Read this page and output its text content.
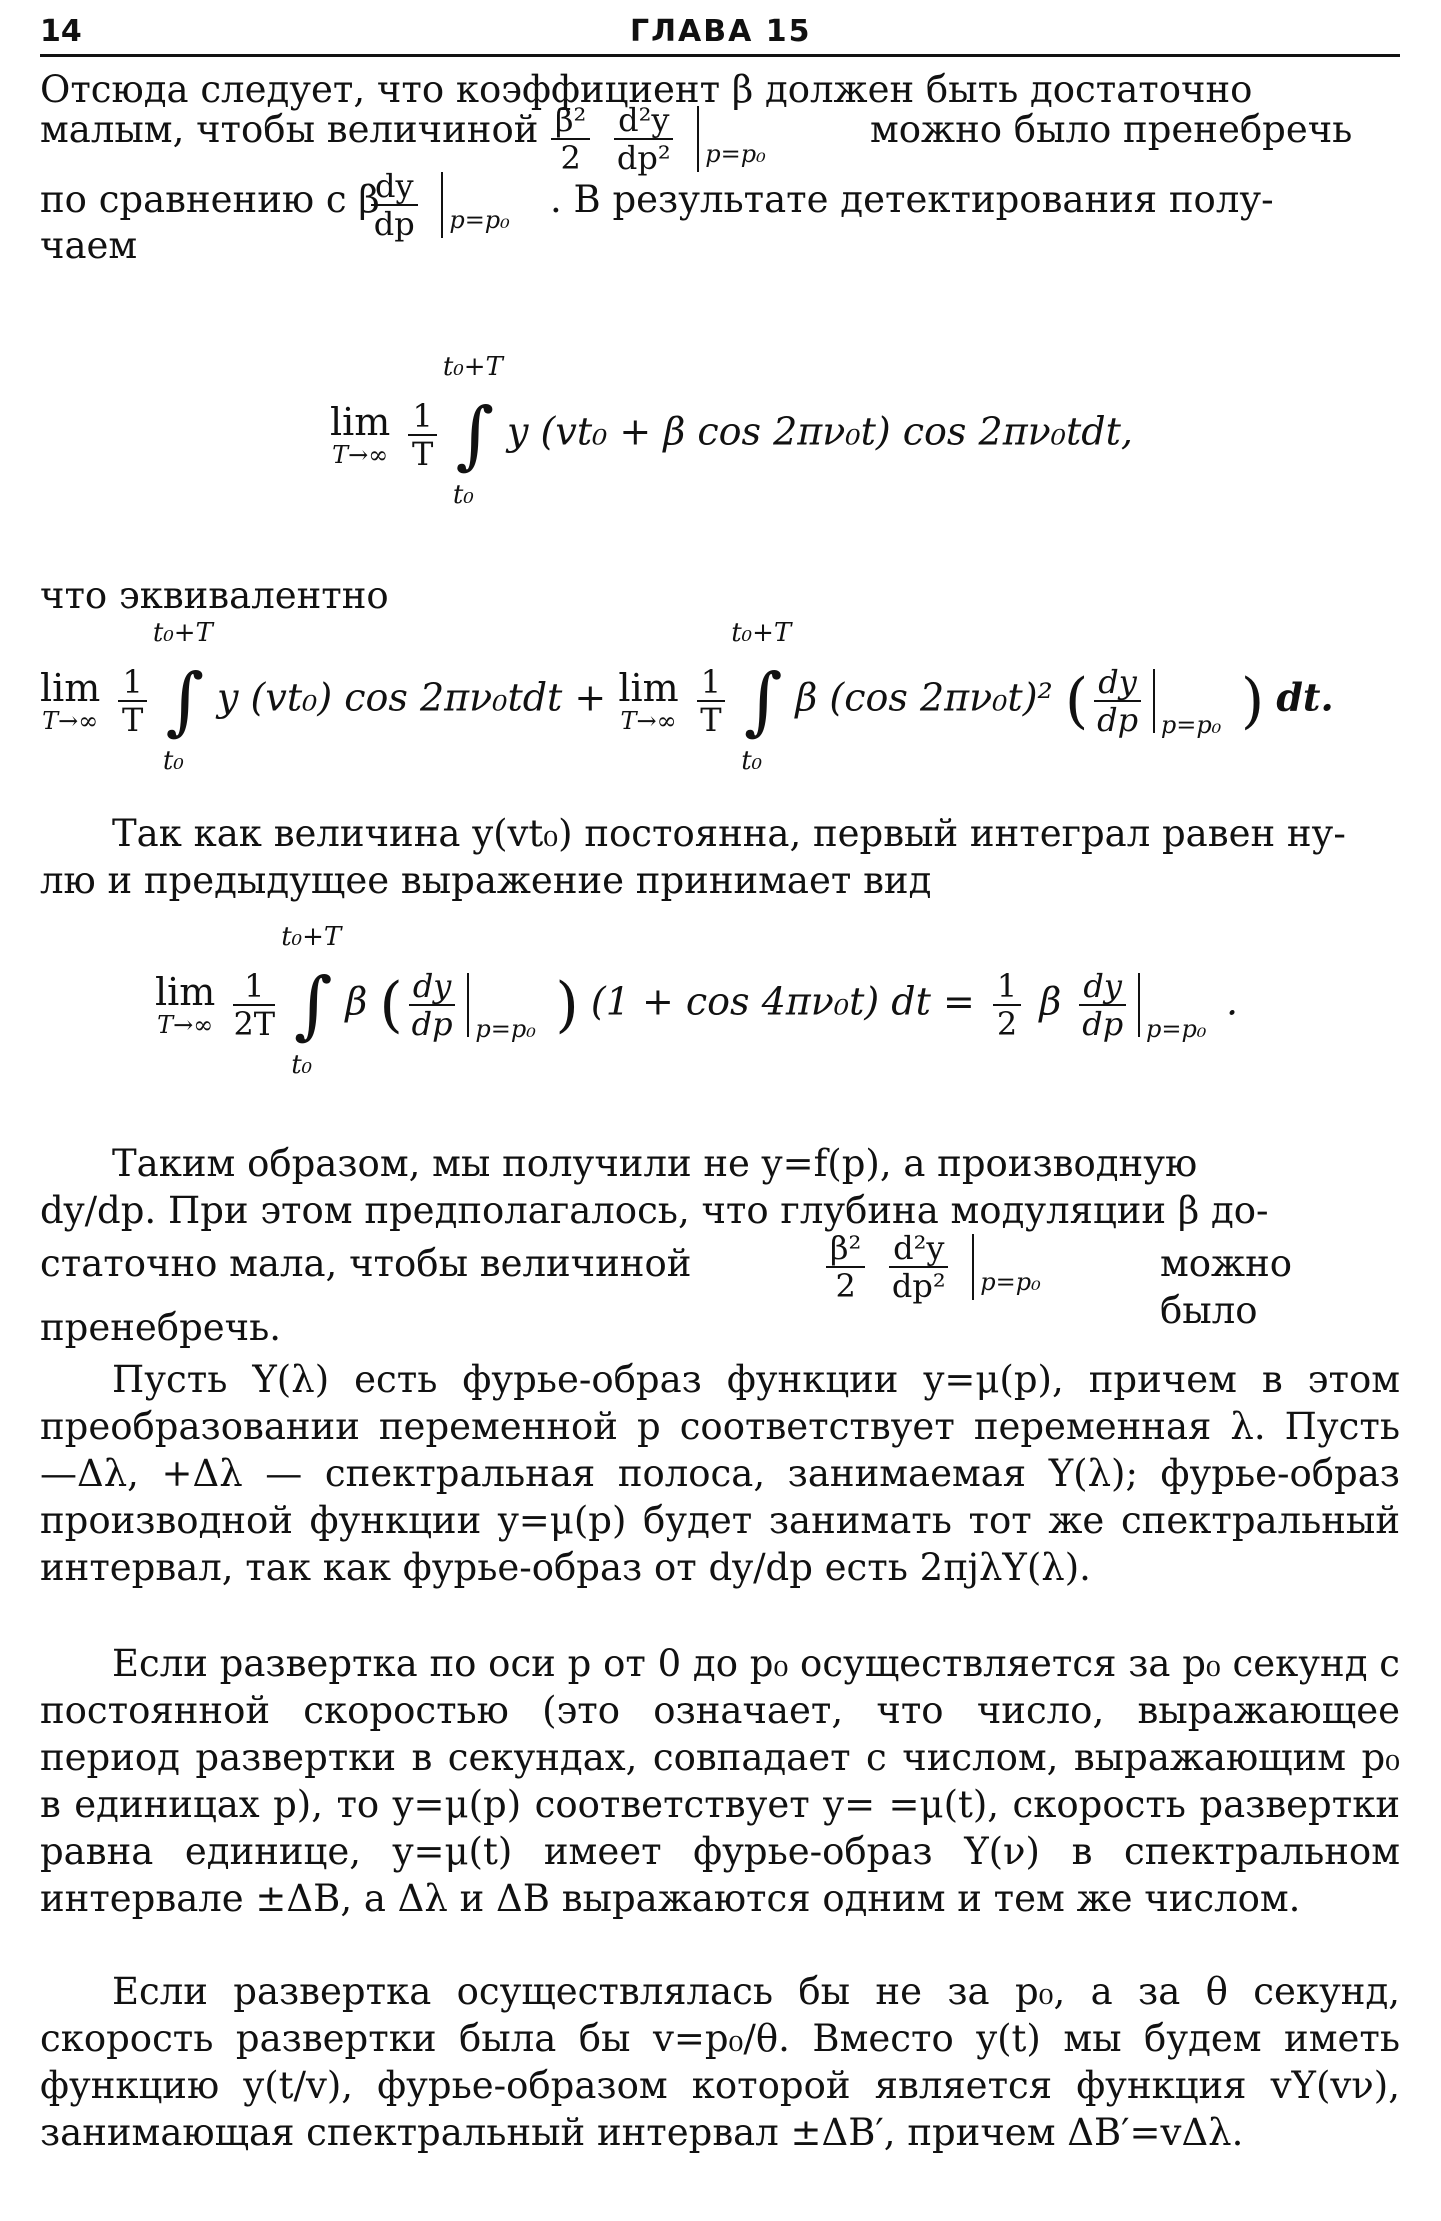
14	ГЛАВА 15
Отсюда следует, что коэффициент β должен быть достаточно
малым, чтобы величиной $\frac{\text{β²}}{2}$
$\frac{\text{d²y}}{\text{dp²}}$
p=p₀
можно было пренебречь
по сравнению с β
$\frac{dy}{dp}$
p=p₀ . В результате детектирования полу-
чаем
lim
T→∞
$\frac{1}{T}$ ∫
t₀+T
t₀
y (vt₀ + β cos 2πν₀t) cos 2πν₀tdt,
что эквивалентно
lim
T→∞
$\frac{1}{T}$ ∫
t₀+T
t₀
y (vt₀) cos 2πν₀tdt + lim
T→∞
$\frac{1}{T}$ ∫
t₀+T
t₀
β (cos 2πν₀t)² ( $\frac{dy}{dp} p=p_0$ ) dt.
Так как величина y(vt₀) постоянна, первый интеграл равен ну-
лю и предыдущее выражение принимает вид
lim
T→∞
$\frac{1}{2T}$ ∫
t₀+T
t₀
β ( $\frac{dy}{dp} p=p_0$ ) (1 + cos 4πν₀t) dt = $\frac{1}{2}$ β $\frac{dy}{dp} p=p_0$
.
Таким образом, мы получили не y=f(p), а производную
dy/dp. При этом предполагалось, что глубина модуляции β до-
статочно мала, чтобы величиной	$\frac{\text{β²}}{2}$
$\frac{\text{d²y}}{\text{dp²}}$
p=p₀	можно было
пренебречь.
Пусть Y(λ) есть фурье-образ функции y=μ(p), причем в этом преобразовании переменной p соответствует переменная λ. Пусть —Δλ, +Δλ — спектральная полоса, занимаемая Y(λ); фурье-образ производной функции y=μ(p) будет занимать тот же спектральный интервал, так как фурье-образ от dy/dp есть 2πjλY(λ).
Если развертка по оси p от 0 до p₀ осуществляется за p₀ секунд с постоянной скоростью (это означает, что число, выражающее период развертки в секундах, совпадает с числом, выражающим p₀ в единицах p), то y=μ(p) соответствует y= =μ(t), скорость развертки равна единице, y=μ(t) имеет фурье-образ Y(ν) в спектральном интервале ±ΔB, а Δλ и ΔB выражаются одним и тем же числом.
Если развертка осуществлялась бы не за p₀, а за θ секунд, скорость развертки была бы v=p₀/θ. Вместо y(t) мы будем иметь функцию y(t/v), фурье-образом которой является функция vY(vν), занимающая спектральный интервал ±ΔB′, причем ΔB′=vΔλ.
